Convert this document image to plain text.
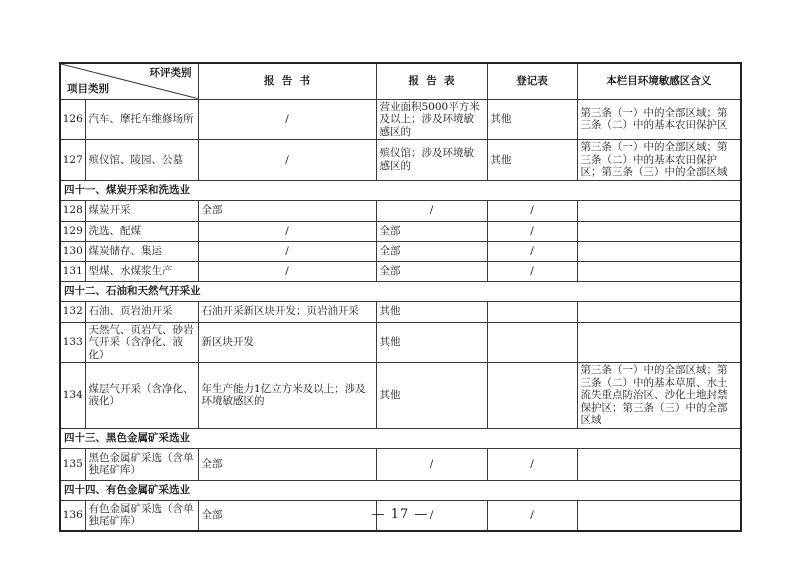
环评类别
项目类别		报  告  书	报  告  表	登记表	本栏目环境敏感区含义
126	汽车、摩托车维修场所	/	营业面积5000平方米及以上；涉及环境敏感区的	其他	第三条（一）中的全部区域；第三条（二）中的基本农田保护区
127	殡仪馆、陵园、公墓	/	殡仪馆；涉及环境敏感区的	其他	第三条（一）中的全部区域；第三条（二）中的基本农田保护区；第三条（三）中的全部区域
四十一、煤炭开采和洗选业					
128	煤炭开采	全部	/	/	
129	洗选、配煤	/	全部	/	
130	煤炭储存、集运	/	全部	/	
131	型煤、水煤浆生产	/	全部	/	
四十二、石油和天然气开采业					
132	石油、页岩油开采	石油开采新区块开发；页岩油开采	其他		
133	天然气、页岩气、砂岩气开采（含净化、液化）	新区块开发	其他		
134	煤层气开采（含净化、液化）	年生产能力1亿立方米及以上；涉及环境敏感区的	其他		第三条（一）中的全部区域；第三条（二）中的基本草原、水土流失重点防治区、沙化土地封禁保护区；第三条（三）中的全部区域
四十三、黑色金属矿采选业					
135	黑色金属矿采选（含单独尾矿库）	全部	/	/	
四十四、有色金属矿采选业					
136	有色金属矿采选（含单独尾矿库）	全部	/	/	
— 17 —
